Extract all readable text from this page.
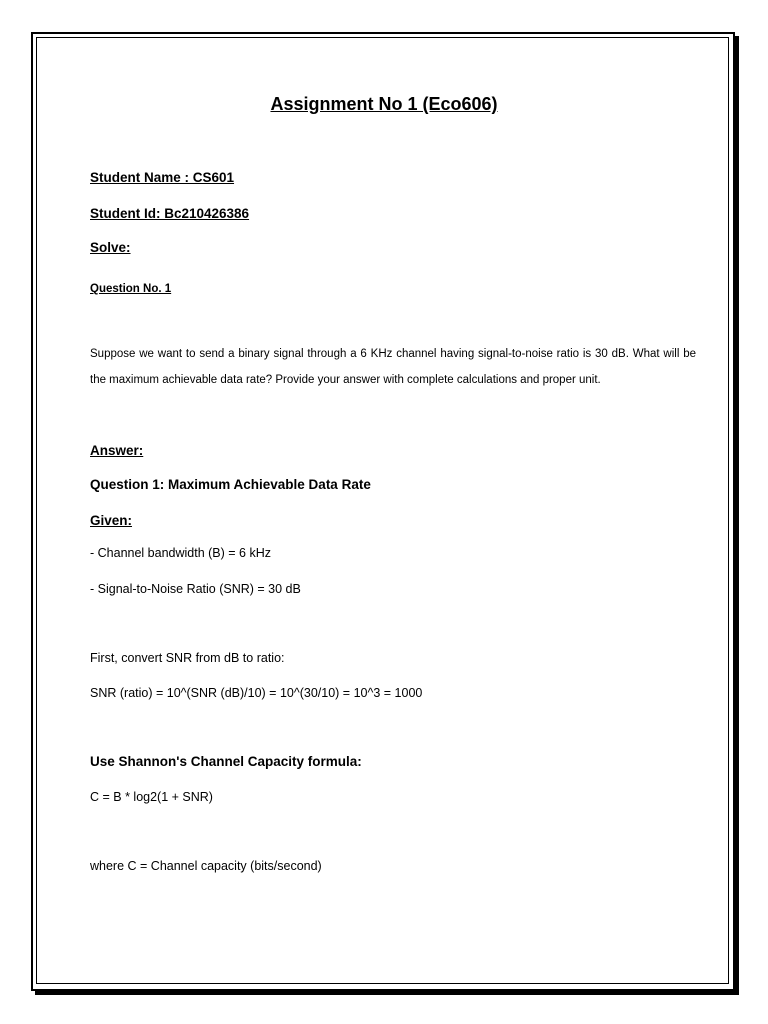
Assignment No 1 (Eco606)
Student Name : CS601
Student Id: Bc210426386
Solve:
Question No. 1
Suppose we want to send a binary signal through a 6 KHz channel having signal-to-noise ratio is 30 dB. What will be the maximum achievable data rate? Provide your answer with complete calculations and proper unit.
Answer:
Question 1: Maximum Achievable Data Rate
Given:
- Channel bandwidth (B) = 6 kHz
- Signal-to-Noise Ratio (SNR) = 30 dB
First, convert SNR from dB to ratio:
SNR (ratio) = 10^(SNR (dB)/10) = 10^(30/10) = 10^3 = 1000
Use Shannon's Channel Capacity formula:
C = B * log2(1 + SNR)
where C = Channel capacity (bits/second)
